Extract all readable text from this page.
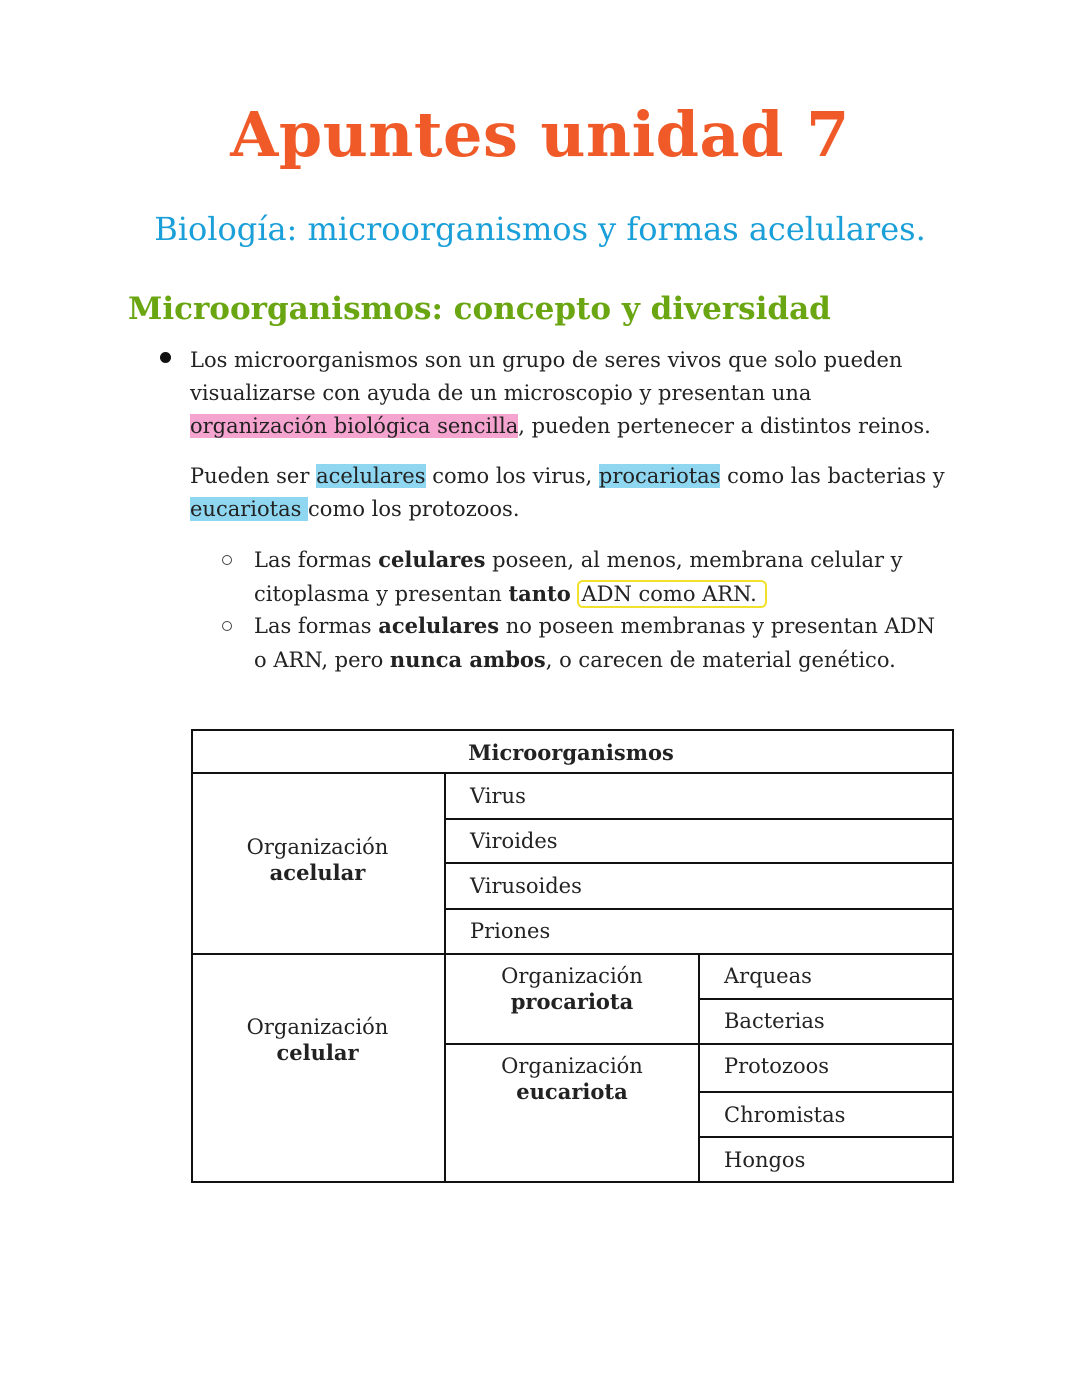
Apuntes unidad 7
Biología: microorganismos y formas acelulares.
Microorganismos: concepto y diversidad
Los microorganismos son un grupo de seres vivos que solo pueden visualizarse con ayuda de un microscopio y presentan una organización biológica sencilla, pueden pertenecer a distintos reinos.
Pueden ser acelulares como los virus, procariotas como las bacterias y eucariotas como los protozoos.
Las formas celulares poseen, al menos, membrana celular y citoplasma y presentan tanto ADN como ARN.
Las formas acelulares no poseen membranas y presentan ADN o ARN, pero nunca ambos, o carecen de material genético.
Microorganismos
Organización
acelular
Virus
Viroides
Virusoides
Priones
Organización
celular
Organización
procariota
Organización
eucariota
Arqueas
Bacterias
Protozoos
Chromistas
Hongos
